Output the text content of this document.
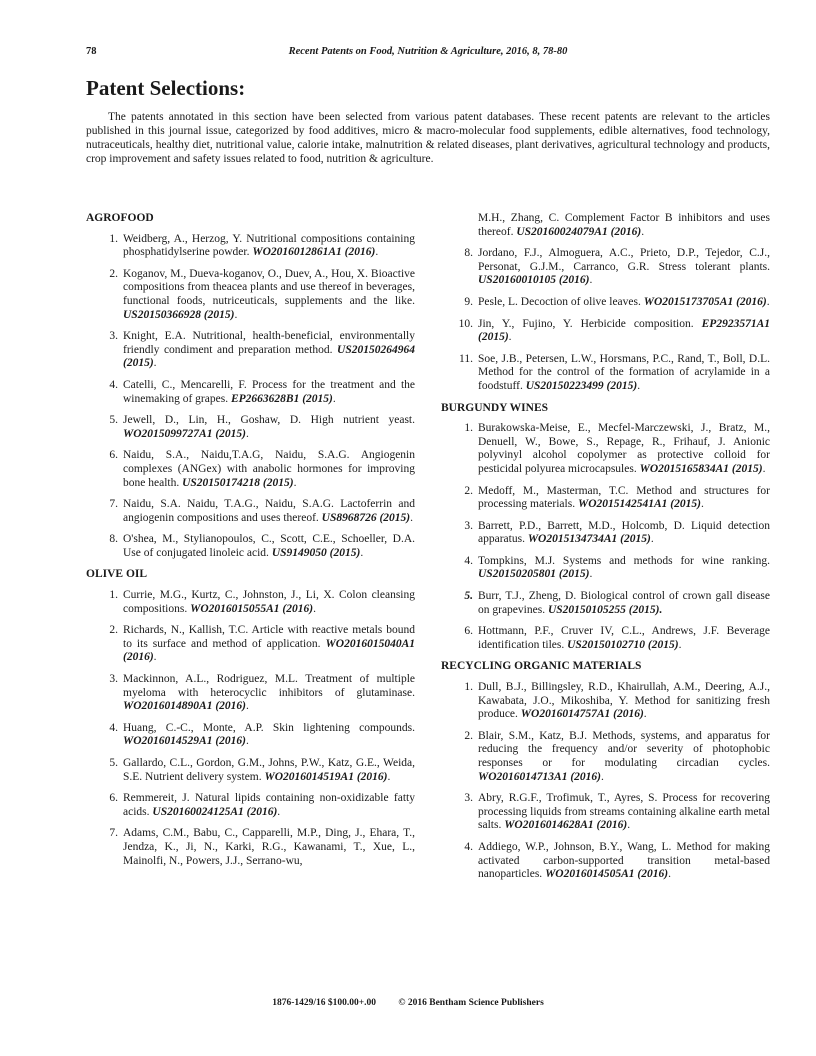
78	Recent Patents on Food, Nutrition & Agriculture, 2016, 8, 78-80
Patent Selections:

The patents annotated in this section have been selected from various patent databases. These recent patents are relevant to the articles published in this journal issue, categorized by food additives, micro & macro-molecular food supplements, edible alternatives, food technology, nutraceuticals, healthy diet, nutritional value, calorie intake, malnutrition & related diseases, plant derivatives, agricultural technology and products, crop improvement and safety issues related to food, nutrition & agriculture.

AGROFOOD
1. Weidberg, A., Herzog, Y. Nutritional compositions containing phosphatidylserine powder. WO2016012861A1 (2016).
2. Koganov, M., Dueva-koganov, O., Duev, A., Hou, X. Bioactive compositions from theacea plants and use thereof in beverages, functional foods, nutriceuticals, supplements and the like. US20150366928 (2015).
3. Knight, E.A. Nutritional, health-beneficial, environmentally friendly condiment and preparation method. US20150264964 (2015).
4. Catelli, C., Mencarelli, F. Process for the treatment and the winemaking of grapes. EP2663628B1 (2015).
5. Jewell, D., Lin, H., Goshaw, D. High nutrient yeast. WO2015099727A1 (2015).
6. Naidu, S.A., Naidu,T.A.G, Naidu, S.A.G. Angiogenin complexes (ANGex) with anabolic hormones for improving bone health. US20150174218 (2015).
7. Naidu, S.A. Naidu, T.A.G., Naidu, S.A.G. Lactoferrin and angiogenin compositions and uses thereof. US8968726 (2015).
8. O'shea, M., Stylianopoulos, C., Scott, C.E., Schoeller, D.A. Use of conjugated linoleic acid. US9149050 (2015).
OLIVE OIL
1. Currie, M.G., Kurtz, C., Johnston, J., Li, X. Colon cleansing compositions. WO2016015055A1 (2016).
2. Richards, N., Kallish, T.C. Article with reactive metals bound to its surface and method of application. WO2016015040A1 (2016).
3. Mackinnon, A.L., Rodriguez, M.L. Treatment of multiple myeloma with heterocyclic inhibitors of glutaminase. WO2016014890A1 (2016).
4. Huang, C.-C., Monte, A.P. Skin lightening compounds. WO2016014529A1 (2016).
5. Gallardo, C.L., Gordon, G.M., Johns, P.W., Katz, G.E., Weida, S.E. Nutrient delivery system. WO2016014519A1 (2016).
6. Remmereit, J. Natural lipids containing non-oxidizable fatty acids. US20160024125A1 (2016).
7. Adams, C.M., Babu, C., Capparelli, M.P., Ding, J., Ehara, T., Jendza, K., Ji, N., Karki, R.G., Kawanami, T., Xue, L., Mainolfi, N., Powers, J.J., Serrano-wu,
M.H., Zhang, C. Complement Factor B inhibitors and uses thereof. US20160024079A1 (2016).
8. Jordano, F.J., Almoguera, A.C., Prieto, D.P., Tejedor, C.J., Personat, G.J.M., Carranco, G.R. Stress tolerant plants. US20160010105 (2016).
9. Pesle, L. Decoction of olive leaves. WO2015173705A1 (2016).
10. Jin, Y., Fujino, Y. Herbicide composition. EP2923571A1 (2015).
11. Soe, J.B., Petersen, L.W., Horsmans, P.C., Rand, T., Boll, D.L. Method for the control of the formation of acrylamide in a foodstuff. US20150223499 (2015).
BURGUNDY WINES
1. Burakowska-Meise, E., Mecfel-Marczewski, J., Bratz, M., Denuell, W., Bowe, S., Repage, R., Frihauf, J. Anionic polyvinyl alcohol copolymer as protective colloid for pesticidal polyurea microcapsules. WO2015165834A1 (2015).
2. Medoff, M., Masterman, T.C. Method and structures for processing materials. WO2015142541A1 (2015).
3. Barrett, P.D., Barrett, M.D., Holcomb, D. Liquid detection apparatus. WO2015134734A1 (2015).
4. Tompkins, M.J. Systems and methods for wine ranking. US20150205801 (2015).
5. Burr, T.J., Zheng, D. Biological control of crown gall disease on grapevines. US20150105255 (2015).
6. Hottmann, P.F., Cruver IV, C.L., Andrews, J.F. Beverage identification tiles. US20150102710 (2015).
RECYCLING ORGANIC MATERIALS
1. Dull, B.J., Billingsley, R.D., Khairullah, A.M., Deering, A.J., Kawabata, J.O., Mikoshiba, Y. Method for sanitizing fresh produce. WO2016014757A1 (2016).
2. Blair, S.M., Katz, B.J. Methods, systems, and apparatus for reducing the frequency and/or severity of photophobic responses or for modulating circadian cycles. WO2016014713A1 (2016).
3. Abry, R.G.F., Trofimuk, T., Ayres, S. Process for recovering processing liquids from streams containing alkaline earth metal salts. WO2016014628A1 (2016).
4. Addiego, W.P., Johnson, B.Y., Wang, L. Method for making activated carbon-supported transition metal-based nanoparticles. WO2016014505A1 (2016).
1876-1429/16 $100.00+.00 © 2016 Bentham Science Publishers
